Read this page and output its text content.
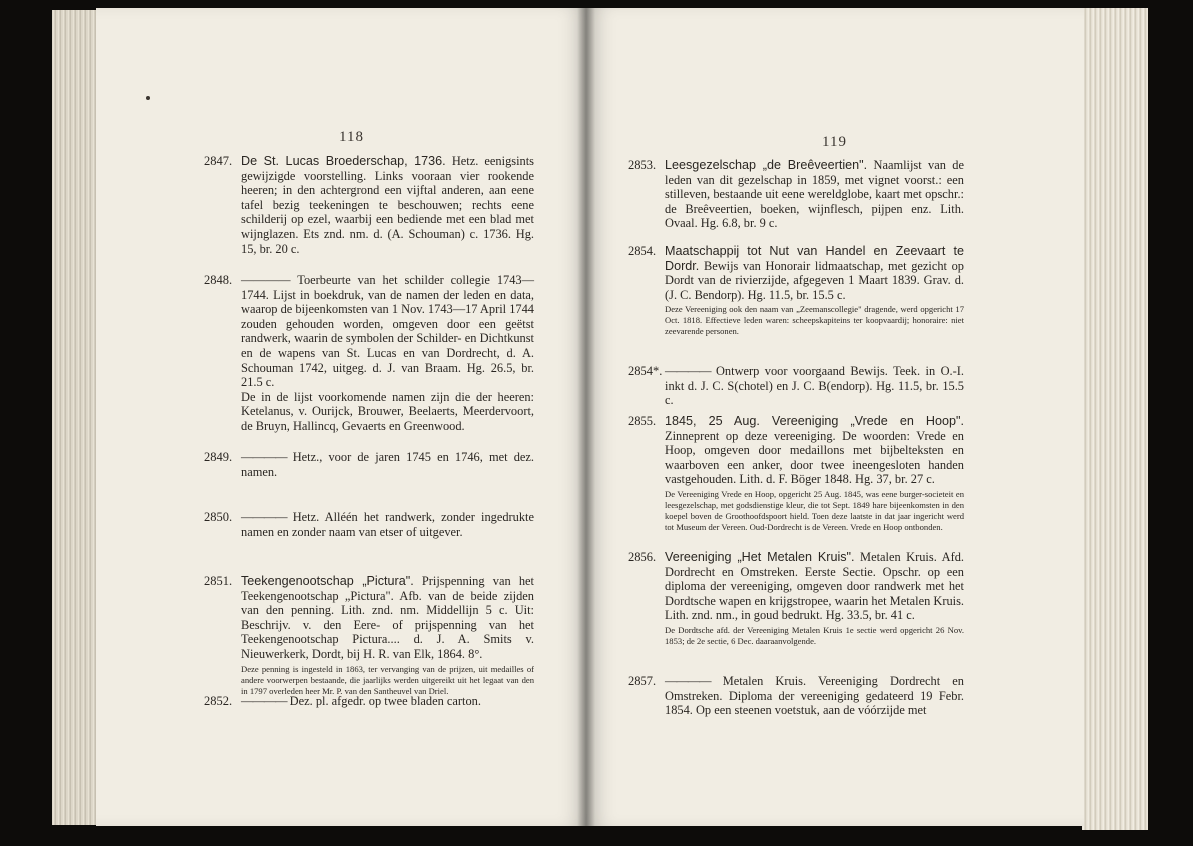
118	119
2847. De St. Lucas Broederschap, 1736. Hetz. eenigsints gewijzigde voorstelling. Links vooraan vier rookende heeren; in den achtergrond een vijftal anderen, aan eene tafel bezig teekeningen te beschouwen; rechts eene schilderij op ezel, waarbij een bediende met een blad met wijnglazen. Ets znd. nm. d. (A. Schouman) c. 1736. Hg. 15, br. 20 c.
2848. ———— Toerbeurte van het schilder collegie 1743—1744. Lijst in boekdruk, van de namen der leden en data, waarop de bijeenkomsten van 1 Nov. 1743—17 April 1744 zouden gehouden worden, omgeven door een geëtst randwerk, waarin de symbolen der Schilder- en Dichtkunst en de wapens van St. Lucas en van Dordrecht, d. A. Schouman 1742, uitgeg. d. J. van Braam. Hg. 26.5, br. 21.5 c.
De in de lijst voorkomende namen zijn die der heeren: Ketelanus, v. Ourijck, Brouwer, Beelaerts, Meerdervoort, de Bruyn, Hallincq, Gevaerts en Greenwood.
2849. ———— Hetz., voor de jaren 1745 en 1746, met dez. namen.
2850. ———— Hetz. Alléén het randwerk, zonder ingedrukte namen en zonder naam van etser of uitgever.
2851. Teekengenootschap „Pictura". Prijspenning van het Teekengenootschap „Pictura". Afb. van de beide zijden van den penning. Lith. znd. nm. Middellijn 5 c. Uit: Beschrijv. v. den Eere- of prijspenning van het Teekengenootschap Pictura.... d. J. A. Smits v. Nieuwerkerk, Dordt, bij H. R. van Elk, 1864. 8°.
Deze penning is ingesteld in 1863, ter vervanging van de prijzen, uit medailles of andere voorwerpen bestaande, die jaarlijks werden uitgereikt uit het legaat van den in 1797 overleden heer Mr. P. van den Santheuvel van Driel.
2852. ———— Dez. pl. afgedr. op twee bladen carton.
2853. Leesgezelschap „de Breêveertien". Naamlijst van de leden van dit gezelschap in 1859, met vignet voorst.: een stilleven, bestaande uit eene wereldglobe, kaart met opschr.: de Breêveertien, boeken, wijnflesch, pijpen enz. Lith. Ovaal. Hg. 6.8, br. 9 c.
2854. Maatschappij tot Nut van Handel en Zeevaart te Dordr. Bewijs van Honorair lidmaatschap, met gezicht op Dordt van de rivierzijde, afgegeven 1 Maart 1839. Grav. d. (J. C. Bendorp). Hg. 11.5, br. 15.5 c.
Deze Vereeniging ook den naam van „Zeemanscollegie" dragende, werd opgericht 17 Oct. 1818. Effectieve leden waren: scheepskapiteins ter koopvaardij; honoraire: niet zeevarende personen.
2854*. ———— Ontwerp voor voorgaand Bewijs. Teek. in O.-I. inkt d. J. C. S(chotel) en J. C. B(endorp). Hg. 11.5, br. 15.5 c.
2855. 1845, 25 Aug. Vereeniging „Vrede en Hoop". Zinneprent op deze vereeniging. De woorden: Vrede en Hoop, omgeven door medaillons met bijbelteksten en waarboven een anker, door twee ineengesloten handen vastgehouden. Lith. d. F. Böger 1848. Hg. 37, br. 27 c.
De Vereeniging Vrede en Hoop, opgericht 25 Aug. 1845, was eene burger-societeit en leesgezelschap, met godsdienstige kleur, die tot Sept. 1849 hare bijeenkomsten in den koepel boven de Groothoofdspoort hield. Toen deze laatste in dat jaar ingericht werd tot Museum der Vereen. Oud-Dordrecht is de Vereen. Vrede en Hoop ontbonden.
2856. Vereeniging „Het Metalen Kruis". Metalen Kruis. Afd. Dordrecht en Omstreken. Eerste Sectie. Opschr. op een diploma der vereeniging, omgeven door randwerk met het Dordtsche wapen en krijgstropee, waarin het Metalen Kruis. Lith. znd. nm., in goud bedrukt. Hg. 33.5, br. 41 c.
De Dordtsche afd. der Vereeniging Metalen Kruis 1e sectie werd opgericht 26 Nov. 1853; de 2e sectie, 6 Dec. daaraanvolgende.
2857. ———— Metalen Kruis. Vereeniging Dordrecht en Omstreken. Diploma der vereeniging gedateerd 19 Febr. 1854. Op een steenen voetstuk, aan de vóórzijde met
